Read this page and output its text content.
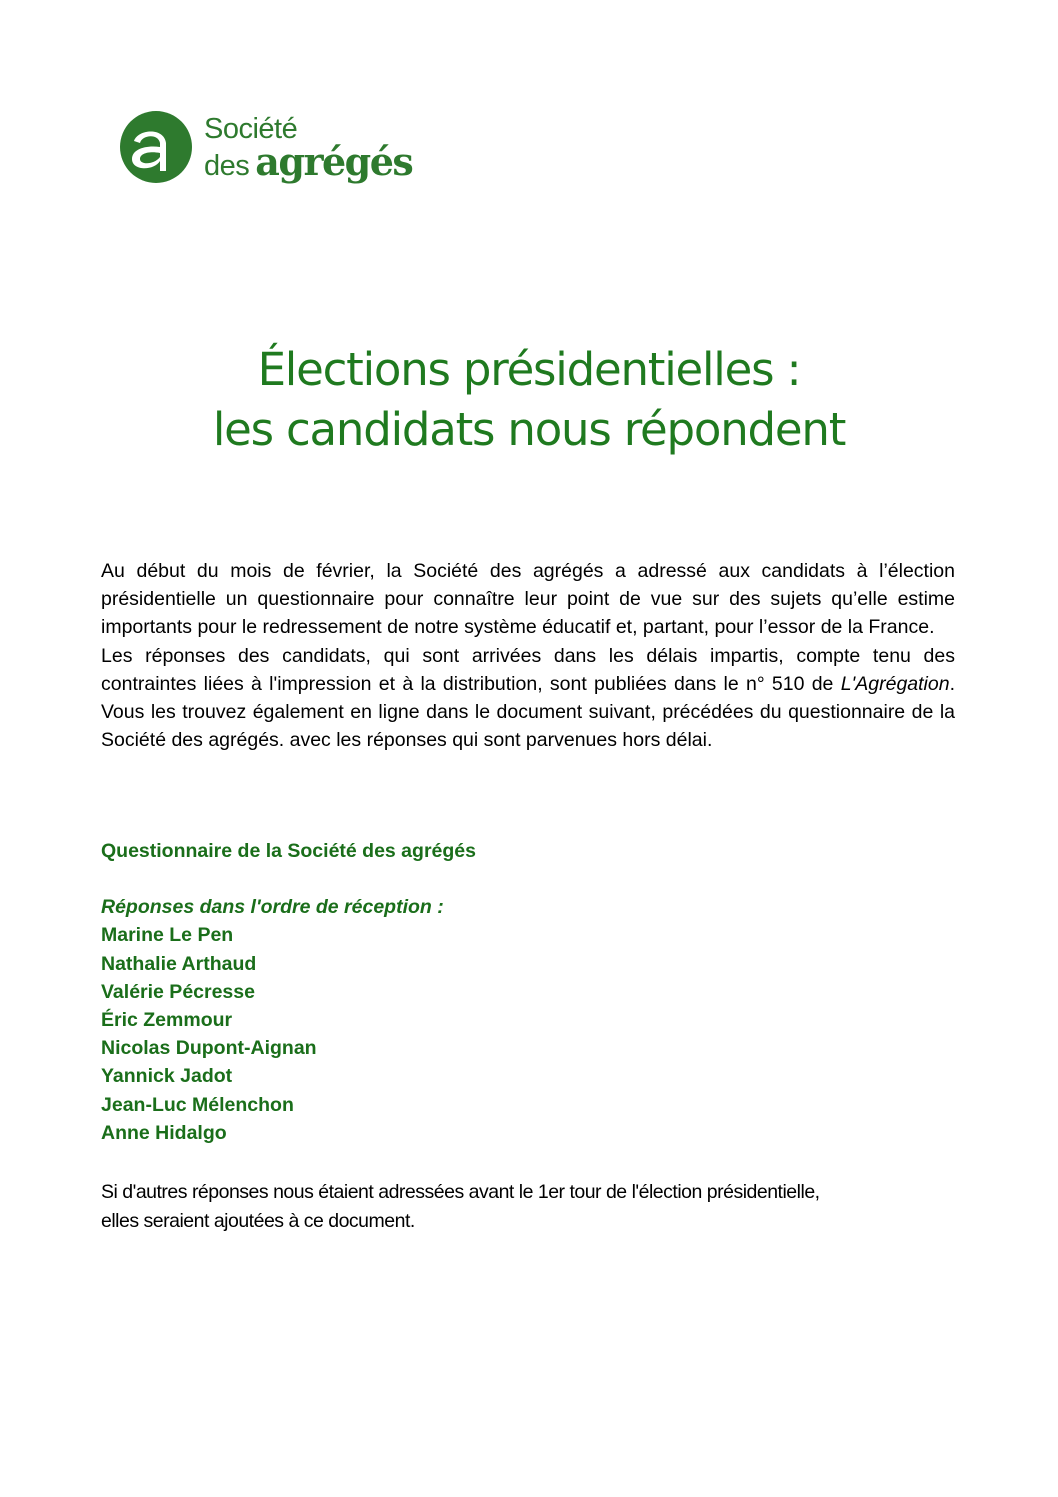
Société
des agrégés
Élections présidentielles :
les candidats nous répondent

Au début du mois de février, la Société des agrégés a adressé aux candidats à l’élection présidentielle un questionnaire pour connaître leur point de vue sur des sujets qu’elle estime importants pour le redressement de notre système éducatif et, partant, pour l’essor de la France.

Les réponses des candidats, qui sont arrivées dans les délais impartis, compte tenu des contraintes liées à l'impression et à la distribution, sont publiées dans le n° 510 de L'Agrégation. Vous les trouvez également en ligne dans le document suivant, précédées du questionnaire de la Société des agrégés. avec les réponses qui sont parvenues hors délai.

Questionnaire de la Société des agrégés
Réponses dans l'ordre de réception :
Marine Le Pen
Nathalie Arthaud
Valérie Pécresse
Éric Zemmour
Nicolas Dupont-Aignan
Yannick Jadot
Jean-Luc Mélenchon
Anne Hidalgo

Si d'autres réponses nous étaient adressées avant le 1er tour de l'élection présidentielle,

elles seraient ajoutées à ce document.
